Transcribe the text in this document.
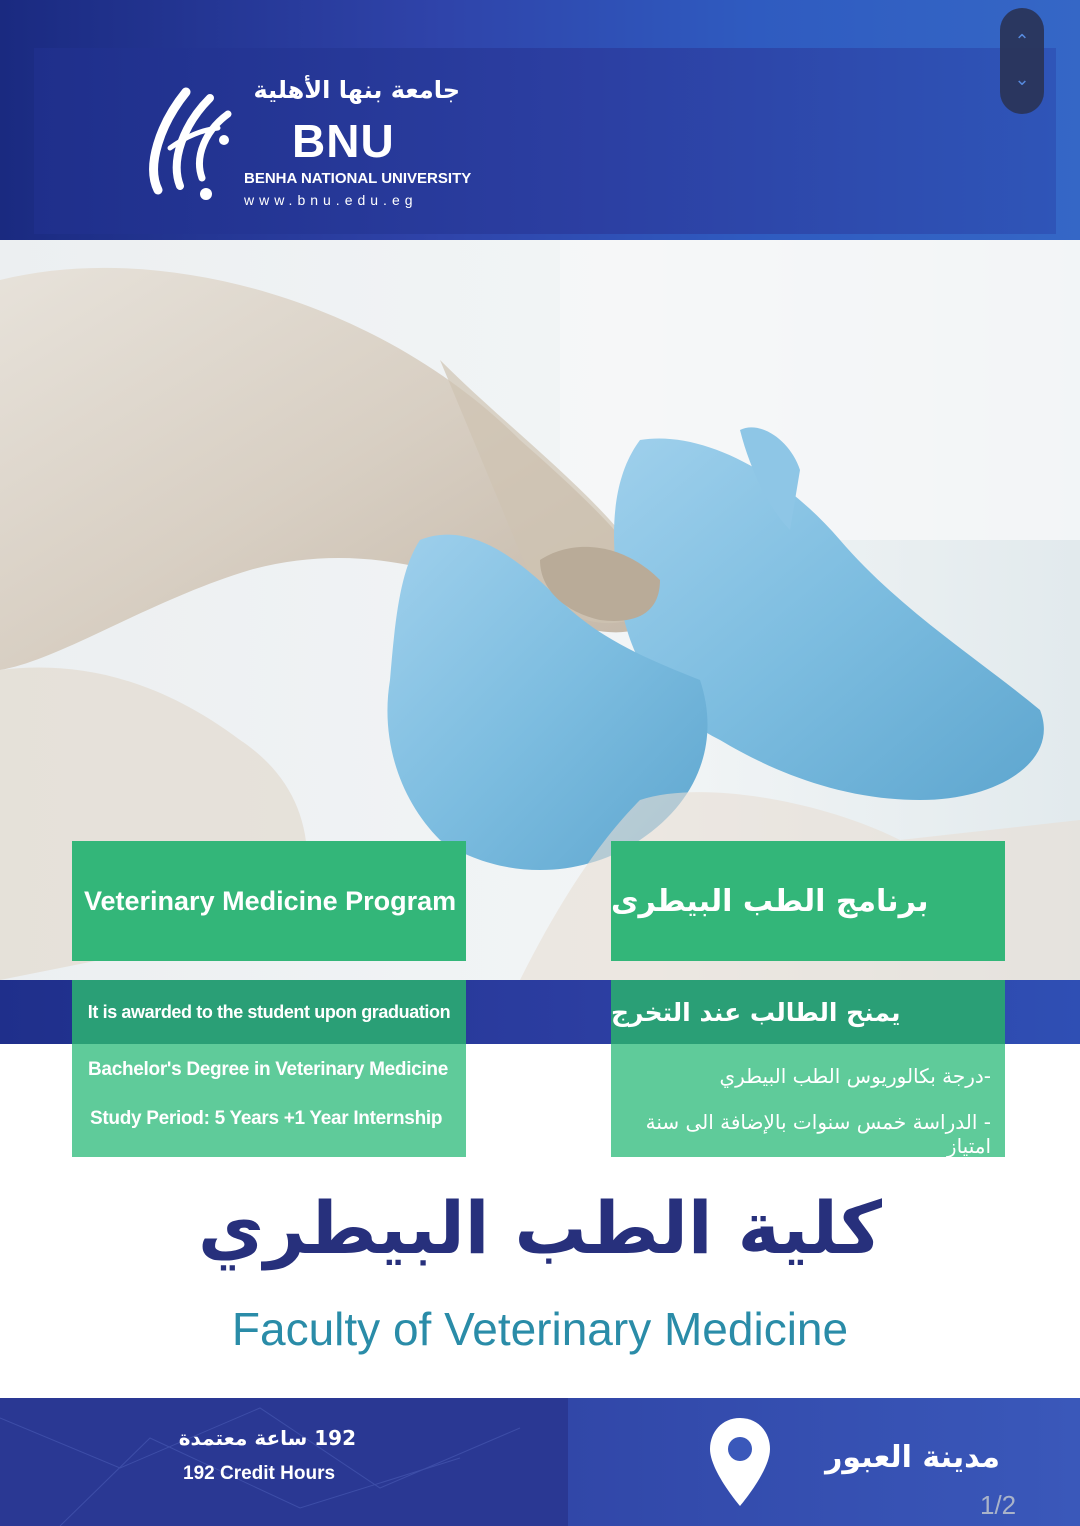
جامعة بنها الأهلية
BNU
BENHA NATIONAL UNIVERSITY
www.bnu.edu.eg
⌃
⌄
Veterinary Medicine Program	برنامج الطب البيطرى
It is awarded to the student upon graduation	يمنح الطالب عند التخرج
Bachelor's Degree in Veterinary Medicine
Study Period: 5 Years +1 Year Internship
-درجة بكالوريوس الطب البيطري
- الدراسة خمس سنوات بالإضافة الى سنة امتياز
كلية الطب البيطري
Faculty of Veterinary Medicine
192 ساعة معتمدة
192 Credit Hours	مدينة العبور
1/2
